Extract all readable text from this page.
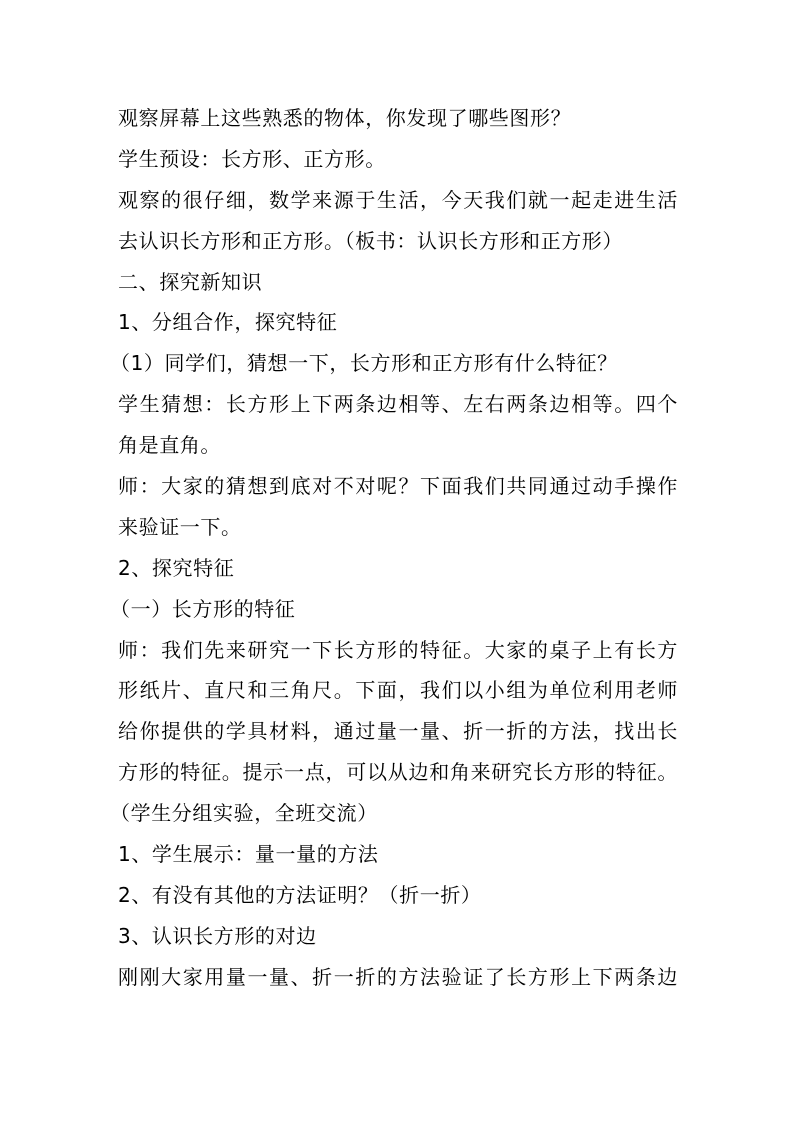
观察屏幕上这些熟悉的物体，你发现了哪些图形？
学生预设：长方形、正方形。
观察的很仔细，数学来源于生活，今天我们就一起走进生活
去认识长方形和正方形。（板书：认识长方形和正方形）
二、探究新知识
1、分组合作，探究特征
（1）同学们，猜想一下，长方形和正方形有什么特征？
学生猜想：长方形上下两条边相等、左右两条边相等。四个
角是直角。
师：大家的猜想到底对不对呢？下面我们共同通过动手操作
来验证一下。
2、探究特征
（一）长方形的特征
师：我们先来研究一下长方形的特征。大家的桌子上有长方
形纸片、直尺和三角尺。下面，我们以小组为单位利用老师
给你提供的学具材料，通过量一量、折一折的方法，找出长
方形的特征。提示一点，可以从边和角来研究长方形的特征。
（学生分组实验，全班交流）
1、学生展示：量一量的方法
2、有没有其他的方法证明？（折一折）
3、认识长方形的对边
刚刚大家用量一量、折一折的方法验证了长方形上下两条边
